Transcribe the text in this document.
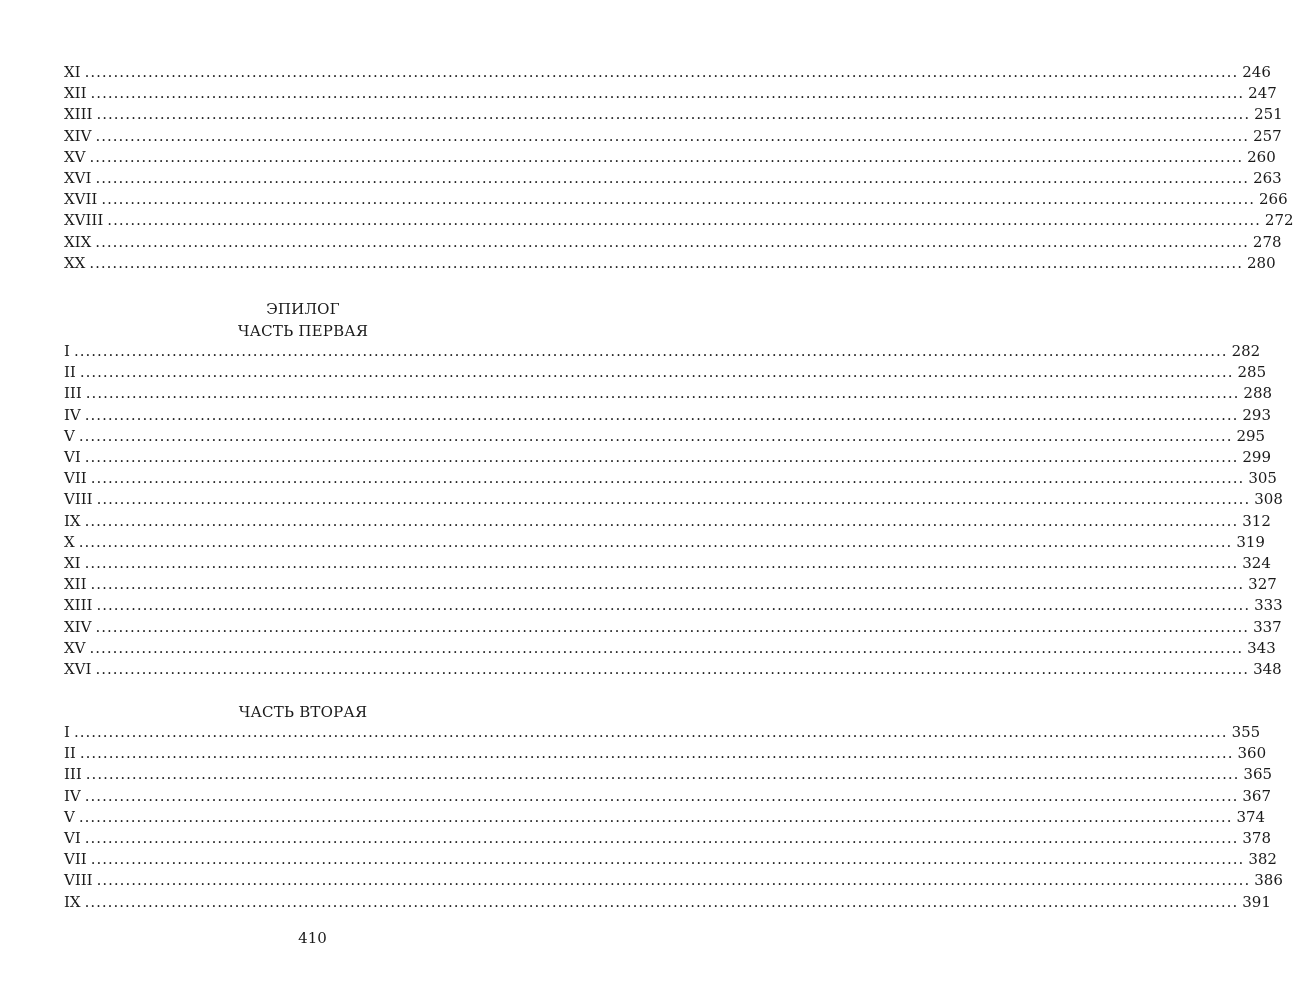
ЭПИЛОГ
ЧАСТЬ ПЕРВАЯ
ЧАСТЬ ВТОРАЯ
XI ........................................................................................................................................................................................................ 246
XII ........................................................................................................................................................................................................ 247
XIII ........................................................................................................................................................................................................ 251
XIV ........................................................................................................................................................................................................ 257
XV ........................................................................................................................................................................................................ 260
XVI ........................................................................................................................................................................................................ 263
XVII ........................................................................................................................................................................................................ 266
XVIII ........................................................................................................................................................................................................ 272
XIX ........................................................................................................................................................................................................ 278
XX ........................................................................................................................................................................................................ 280
I ........................................................................................................................................................................................................ 282
II ........................................................................................................................................................................................................ 285
III ........................................................................................................................................................................................................ 288
IV ........................................................................................................................................................................................................ 293
V ........................................................................................................................................................................................................ 295
VI ........................................................................................................................................................................................................ 299
VII ........................................................................................................................................................................................................ 305
VIII ........................................................................................................................................................................................................ 308
IX ........................................................................................................................................................................................................ 312
X ........................................................................................................................................................................................................ 319
XI ........................................................................................................................................................................................................ 324
XII ........................................................................................................................................................................................................ 327
XIII ........................................................................................................................................................................................................ 333
XIV ........................................................................................................................................................................................................ 337
XV ........................................................................................................................................................................................................ 343
XVI ........................................................................................................................................................................................................ 348
I ........................................................................................................................................................................................................ 355
II ........................................................................................................................................................................................................ 360
III ........................................................................................................................................................................................................ 365
IV ........................................................................................................................................................................................................ 367
V ........................................................................................................................................................................................................ 374
VI ........................................................................................................................................................................................................ 378
VII ........................................................................................................................................................................................................ 382
VIII ........................................................................................................................................................................................................ 386
IX ........................................................................................................................................................................................................ 391
410
